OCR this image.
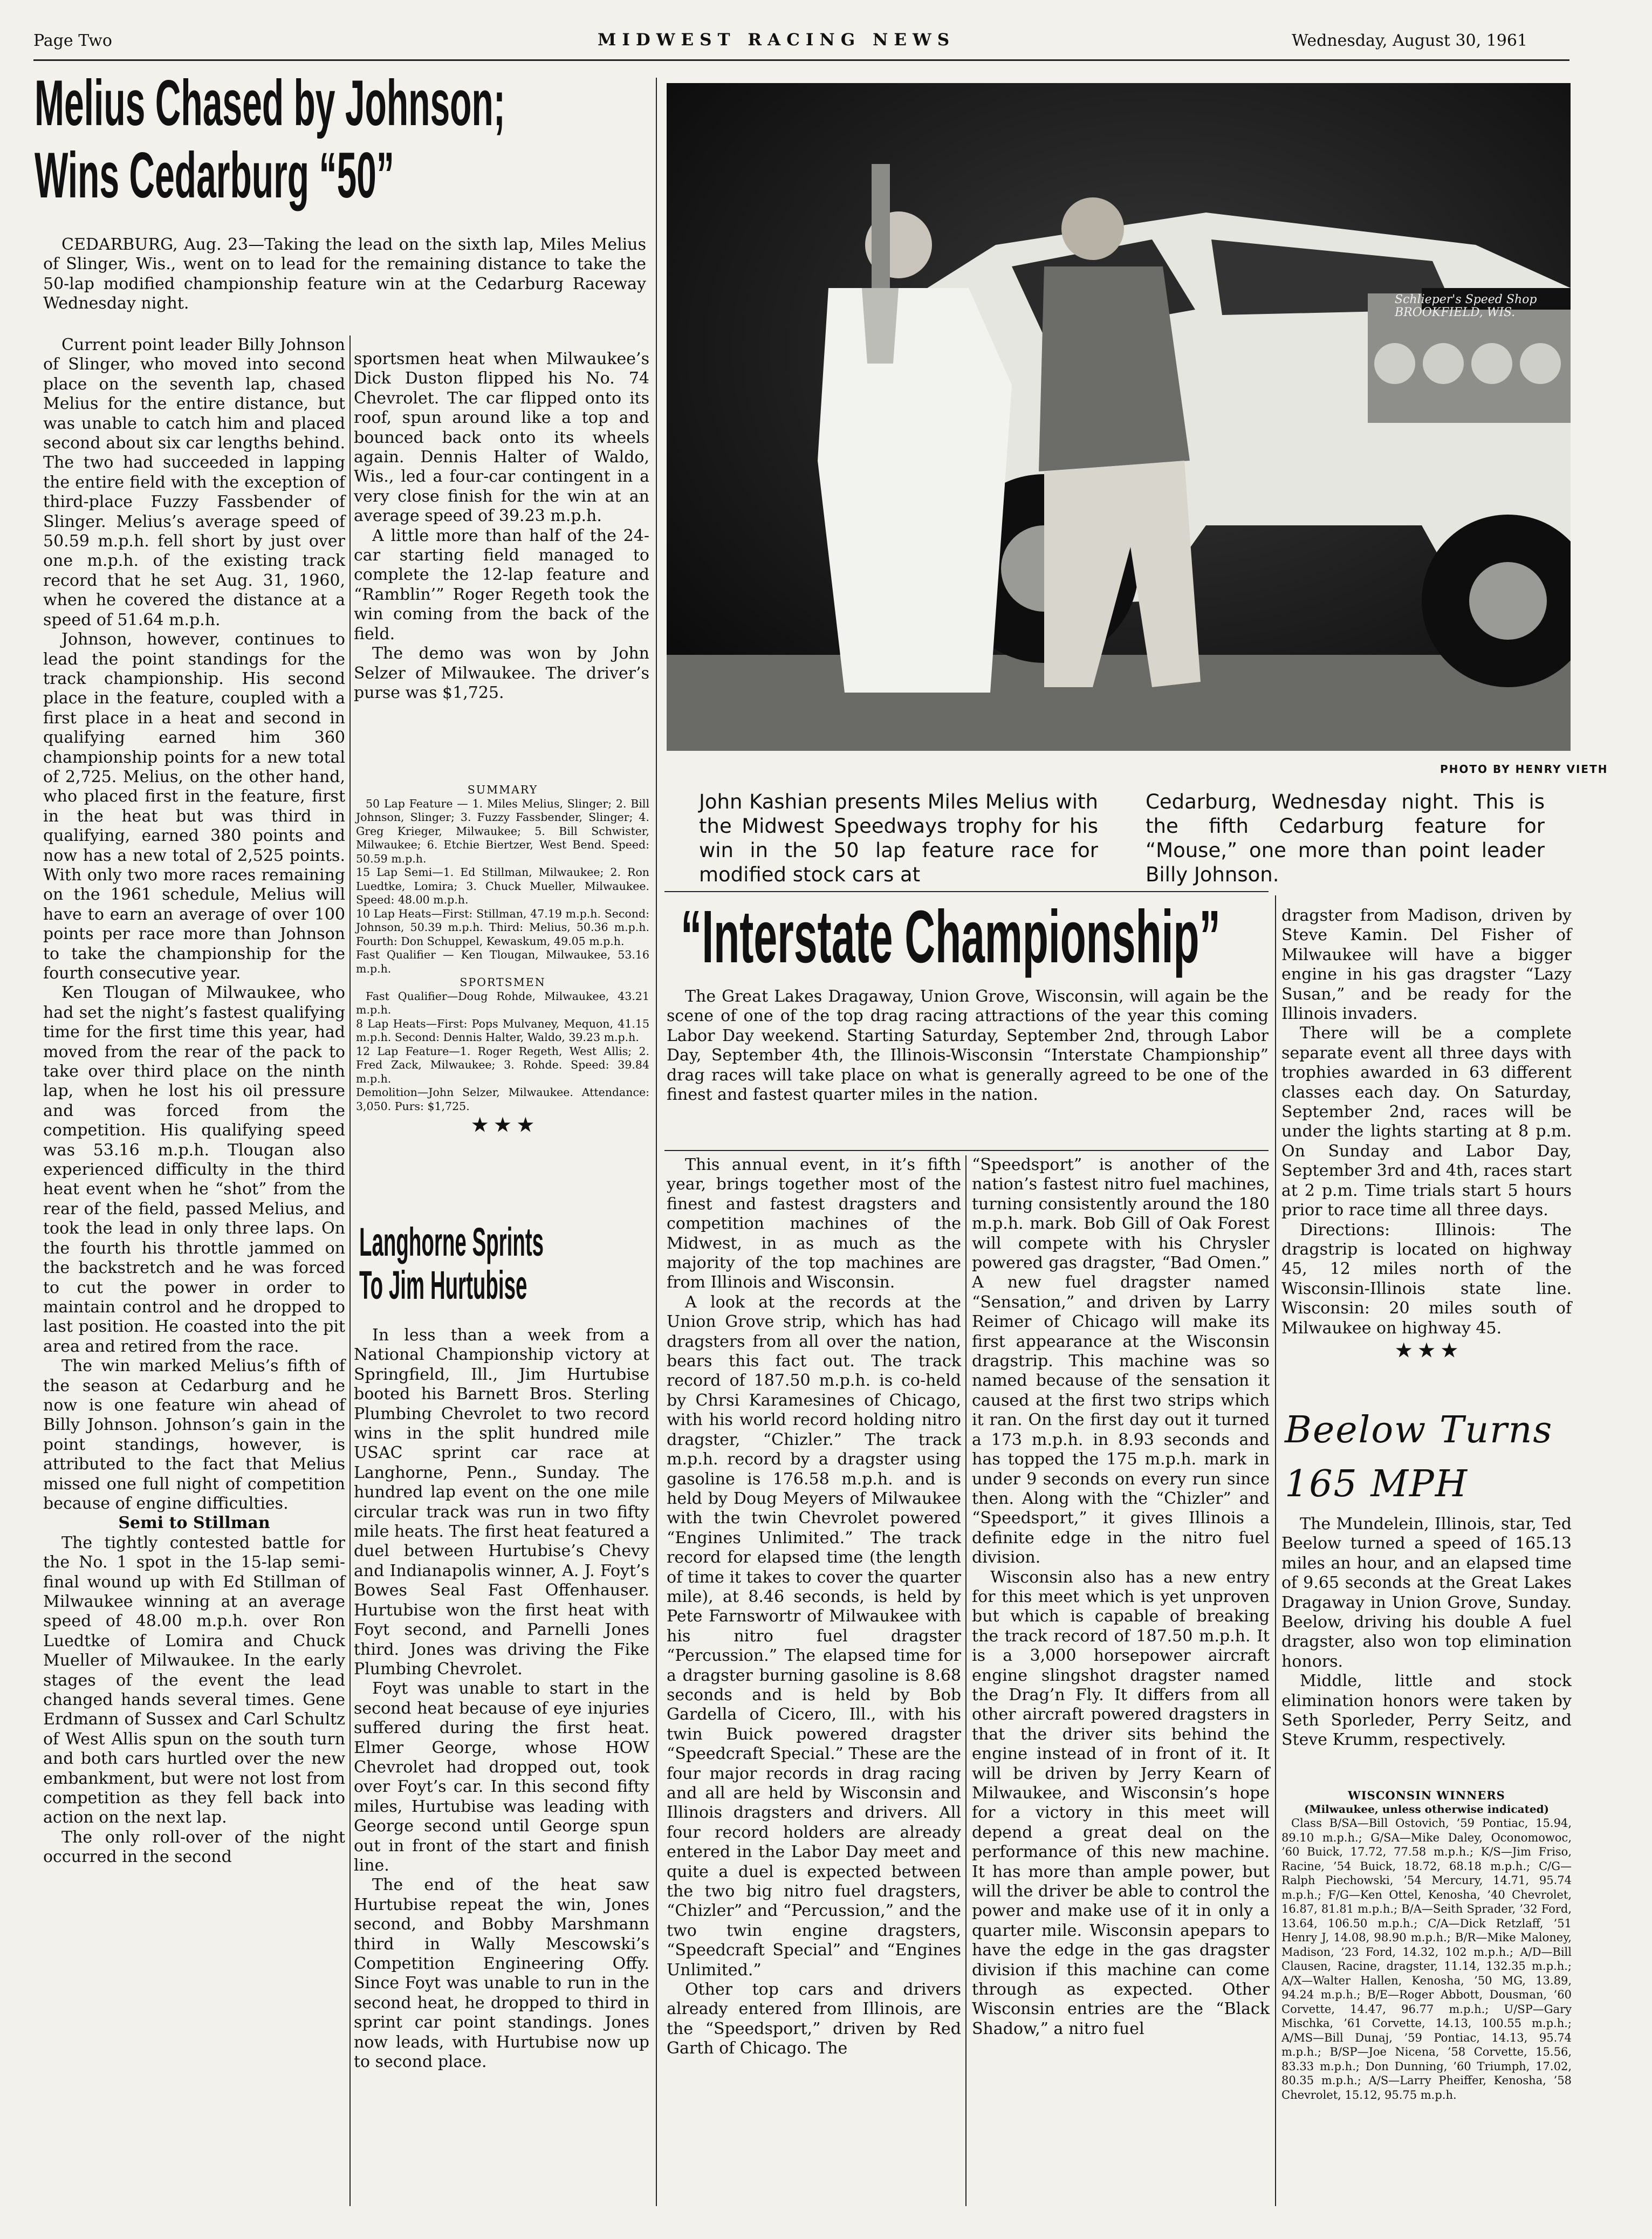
Page Two	MIDWEST RACING NEWS	Wednesday, August 30, 1961
Melius Chased by Johnson;
Wins Cedarburg “50”

CEDARBURG, Aug. 23—Taking the lead on the sixth lap, Miles Melius of Slinger, Wis., went on to lead for the remaining distance to take the 50-lap modified championship feature win at the Cedarburg Raceway Wednesday night.

Current point leader Billy Johnson of Slinger, who moved into second place on the seventh lap, chased Melius for the entire distance, but was unable to catch him and placed second about six car lengths behind. The two had succeeded in lapping the entire field with the exception of third-place Fuzzy Fassbender of Slinger. Melius’s average speed of 50.59 m.p.h. fell short by just over one m.p.h. of the existing track record that he set Aug. 31, 1960, when he covered the distance at a speed of 51.64 m.p.h.

Johnson, however, continues to lead the point standings for the track championship. His second place in the feature, coupled with a first place in a heat and second in qualifying earned him 360 championship points for a new total of 2,725. Melius, on the other hand, who placed first in the feature, first in the heat but was third in qualifying, earned 380 points and now has a new total of 2,525 points. With only two more races remaining on the 1961 schedule, Melius will have to earn an average of over 100 points per race more than Johnson to take the championship for the fourth consecutive year.

Ken Tlougan of Milwaukee, who had set the night’s fastest qualifying time for the first time this year, had moved from the rear of the pack to take over third place on the ninth lap, when he lost his oil pressure and was forced from the competition. His qualifying speed was 53.16 m.p.h. Tlougan also experienced difficulty in the third heat event when he “shot” from the rear of the field, passed Melius, and took the lead in only three laps. On the fourth his throttle jammed on the backstretch and he was forced to cut the power in order to maintain control and he dropped to last position. He coasted into the pit area and retired from the race.

The win marked Melius’s fifth of the season at Cedarburg and he now is one feature win ahead of Billy Johnson. Johnson’s gain in the point standings, however, is attributed to the fact that Melius missed one full night of competition because of engine difficulties.

Semi to Stillman

The tightly contested battle for the No. 1 spot in the 15-lap semi-final wound up with Ed Stillman of Milwaukee winning at an average speed of 48.00 m.p.h. over Ron Luedtke of Lomira and Chuck Mueller of Milwaukee. In the early stages of the event the lead changed hands several times. Gene Erdmann of Sussex and Carl Schultz of West Allis spun on the south turn and both cars hurtled over the new embankment, but were not lost from competition as they fell back into action on the next lap.

The only roll-over of the night occurred in the second

sportsmen heat when Milwaukee’s Dick Duston flipped his No. 74 Chevrolet. The car flipped onto its roof, spun around like a top and bounced back onto its wheels again. Dennis Halter of Waldo, Wis., led a four-car contingent in a very close finish for the win at an average speed of 39.23 m.p.h.

A little more than half of the 24-car starting field managed to complete the 12-lap feature and “Ramblin’” Roger Regeth took the win coming from the back of the field.

The demo was won by John Selzer of Milwaukee. The driver’s purse was $1,725.

SUMMARY

50 Lap Feature — 1. Miles Melius, Slinger; 2. Bill Johnson, Slinger; 3. Fuzzy Fassbender, Slinger; 4. Greg Krieger, Milwaukee; 5. Bill Schwister, Milwaukee; 6. Etchie Biertzer, West Bend. Speed: 50.59 m.p.h.
15 Lap Semi—1. Ed Stillman, Milwaukee; 2. Ron Luedtke, Lomira; 3. Chuck Mueller, Milwaukee. Speed: 48.00 m.p.h.
10 Lap Heats—First: Stillman, 47.19 m.p.h. Second: Johnson, 50.39 m.p.h. Third: Melius, 50.36 m.p.h. Fourth: Don Schuppel, Kewaskum, 49.05 m.p.h.
Fast Qualifier — Ken Tlougan, Milwaukee, 53.16 m.p.h.

SPORTSMEN

Fast Qualifier—Doug Rohde, Milwaukee, 43.21 m.p.h.
8 Lap Heats—First: Pops Mulvaney, Mequon, 41.15 m.p.h. Second: Dennis Halter, Waldo, 39.23 m.p.h.
12 Lap Feature—1. Roger Regeth, West Allis; 2. Fred Zack, Milwaukee; 3. Rohde. Speed: 39.84 m.p.h.
Demolition—John Selzer, Milwaukee. Attendance: 3,050. Purs: $1,725.

★ ★ ★

Langhorne Sprints
To Jim Hurtubise

In less than a week from a National Championship victory at Springfield, Ill., Jim Hurtubise booted his Barnett Bros. Sterling Plumbing Chevrolet to two record wins in the split hundred mile USAC sprint car race at Langhorne, Penn., Sunday. The hundred lap event on the one mile circular track was run in two fifty mile heats. The first heat featured a duel between Hurtubise’s Chevy and Indianapolis winner, A. J. Foyt’s Bowes Seal Fast Offenhauser. Hurtubise won the first heat with Foyt second, and Parnelli Jones third. Jones was driving the Fike Plumbing Chevrolet.

Foyt was unable to start in the second heat because of eye injuries suffered during the first heat. Elmer George, whose HOW Chevrolet had dropped out, took over Foyt’s car. In this second fifty miles, Hurtubise was leading with George second until George spun out in front of the start and finish line.

The end of the heat saw Hurtubise repeat the win, Jones second, and Bobby Marshmann third in Wally Mescowski’s Competition Engineering Offy. Since Foyt was unable to run in the second heat, he dropped to third in sprint car point standings. Jones now leads, with Hurtubise now up to second place.

Schlieper's Speed Shop BROOKFIELD, WIS.
PHOTO BY HENRY VIETH
John Kashian presents Miles Melius with the Midwest Speedways trophy for his win in the 50 lap feature race for modified stock cars at
Cedarburg, Wednesday night. This is the fifth Cedarburg feature for “Mouse,” one more than point leader Billy Johnson.
“Interstate Championship”

The Great Lakes Dragaway, Union Grove, Wisconsin, will again be the scene of one of the top drag racing attractions of the year this coming Labor Day weekend. Starting Saturday, September 2nd, through Labor Day, September 4th, the Illinois-Wisconsin “Interstate Championship” drag races will take place on what is generally agreed to be one of the finest and fastest quarter miles in the nation.

This annual event, in it’s fifth year, brings together most of the finest and fastest dragsters and competition machines of the Midwest, in as much as the majority of the top machines are from Illinois and Wisconsin.

A look at the records at the Union Grove strip, which has had dragsters from all over the nation, bears this fact out. The track record of 187.50 m.p.h. is co-held by Chrsi Karamesines of Chicago, with his world record holding nitro dragster, “Chizler.” The track m.p.h. record by a dragster using gasoline is 176.58 m.p.h. and is held by Doug Meyers of Milwaukee with the twin Chevrolet powered “Engines Unlimited.” The track record for elapsed time (the length of time it takes to cover the quarter mile), at 8.46 seconds, is held by Pete Farnswortr of Milwaukee with his nitro fuel dragster “Percussion.” The elapsed time for a dragster burning gasoline is 8.68 seconds and is held by Bob Gardella of Cicero, Ill., with his twin Buick powered dragster “Speedcraft Special.” These are the four major records in drag racing and all are held by Wisconsin and Illinois dragsters and drivers. All four record holders are already entered in the Labor Day meet and quite a duel is expected between the two big nitro fuel dragsters, “Chizler” and “Percussion,” and the two twin engine dragsters, “Speedcraft Special” and “Engines Unlimited.”

Other top cars and drivers already entered from Illinois, are the “Speedsport,” driven by Red Garth of Chicago. The

“Speedsport” is another of the nation’s fastest nitro fuel machines, turning consistently around the 180 m.p.h. mark. Bob Gill of Oak Forest will compete with his Chrysler powered gas dragster, “Bad Omen.” A new fuel dragster named “Sensation,” and driven by Larry Reimer of Chicago will make its first appearance at the Wisconsin dragstrip. This machine was so named because of the sensation it caused at the first two strips which it ran. On the first day out it turned a 173 m.p.h. in 8.93 seconds and has topped the 175 m.p.h. mark in under 9 seconds on every run since then. Along with the “Chizler” and “Speedsport,” it gives Illinois a definite edge in the nitro fuel division.

Wisconsin also has a new entry for this meet which is yet unproven but which is capable of breaking the track record of 187.50 m.p.h. It is a 3,000 horsepower aircraft engine slingshot dragster named the Drag’n Fly. It differs from all other aircraft powered dragsters in that the driver sits behind the engine instead of in front of it. It will be driven by Jerry Kearn of Milwaukee, and Wisconsin’s hope for a victory in this meet will depend a great deal on the performance of this new machine. It has more than ample power, but will the driver be able to control the power and make use of it in only a quarter mile. Wisconsin apepars to have the edge in the gas dragster division if this machine can come through as expected. Other Wisconsin entries are the “Black Shadow,” a nitro fuel

dragster from Madison, driven by Steve Kamin. Del Fisher of Milwaukee will have a bigger engine in his gas dragster “Lazy Susan,” and be ready for the Illinois invaders.

There will be a complete separate event all three days with trophies awarded in 63 different classes each day. On Saturday, September 2nd, races will be under the lights starting at 8 p.m. On Sunday and Labor Day, September 3rd and 4th, races start at 2 p.m. Time trials start 5 hours prior to race time all three days.

Directions: Illinois: The dragstrip is located on highway 45, 12 miles north of the Wisconsin-Illinois state line. Wisconsin: 20 miles south of Milwaukee on highway 45.

★ ★ ★

Beelow Turns
165 MPH

The Mundelein, Illinois, star, Ted Beelow turned a speed of 165.13 miles an hour, and an elapsed time of 9.65 seconds at the Great Lakes Dragaway in Union Grove, Sunday. Beelow, driving his double A fuel dragster, also won top elimination honors.

Middle, little and stock elimination honors were taken by Seth Sporleder, Perry Seitz, and Steve Krumm, respectively.

WISCONSIN WINNERS

(Milwaukee, unless otherwise indicated)

Class B/SA—Bill Ostovich, ’59 Pontiac, 15.94, 89.10 m.p.h.; G/SA—Mike Daley, Oconomowoc, ’60 Buick, 17.72, 77.58 m.p.h.; K/S—Jim Friso, Racine, ’54 Buick, 18.72, 68.18 m.p.h.; C/G—Ralph Piechowski, ’54 Mercury, 14.71, 95.74 m.p.h.; F/G—Ken Ottel, Kenosha, ’40 Chevrolet, 16.87, 81.81 m.p.h.; B/A—Seith Sprader, ’32 Ford, 13.64, 106.50 m.p.h.; C/A—Dick Retzlaff, ’51 Henry J, 14.08, 98.90 m.p.h.; B/R—Mike Maloney, Madison, ’23 Ford, 14.32, 102 m.p.h.; A/D—Bill Clausen, Racine, dragster, 11.14, 132.35 m.p.h.; A/X—Walter Hallen, Kenosha, ’50 MG, 13.89, 94.24 m.p.h.; B/E—Roger Abbott, Dousman, ’60 Corvette, 14.47, 96.77 m.p.h.; U/SP—Gary Mischka, ’61 Corvette, 14.13, 100.55 m.p.h.; A/MS—Bill Dunaj, ’59 Pontiac, 14.13, 95.74 m.p.h.; B/SP—Joe Nicena, ’58 Corvette, 15.56, 83.33 m.p.h.; Don Dunning, ’60 Triumph, 17.02, 80.35 m.p.h.; A/S—Larry Pheiffer, Kenosha, ’58 Chevrolet, 15.12, 95.75 m.p.h.
